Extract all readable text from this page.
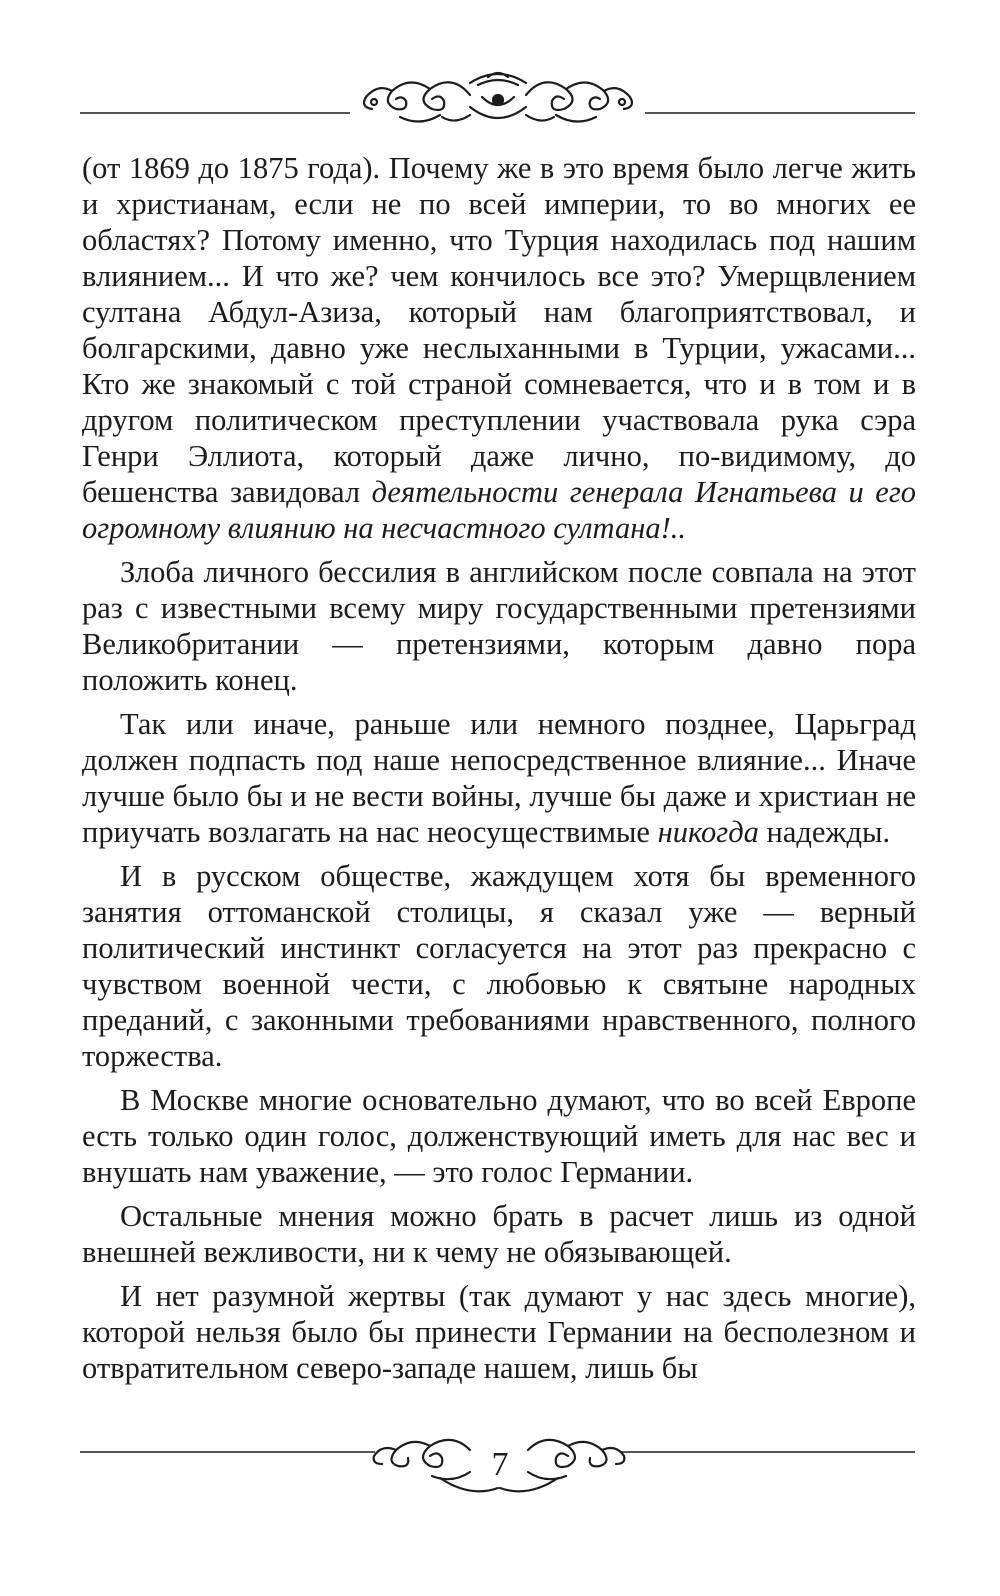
(от 1869 до 1875 года). Почему же в это время было легче жить и христианам, если не по всей империи, то во многих ее областях? Потому именно, что Турция находилась под нашим влиянием... И что же? чем кончилось все это? Умерщвлением султана Абдул-Азиза, который нам благоприятствовал, и болгарскими, давно уже неслыханными в Турции, ужасами... Кто же знакомый с той страной сомневается, что и в том и в другом политическом преступлении участвовала рука сэра Генри Эллиота, который даже лично, по-видимому, до бешенства завидовал деятельности генерала Игнатьева и его огромному влиянию на несчастного султана!..

Злоба личного бессилия в английском после совпала на этот раз с известными всему миру государственными претензиями Великобритании — претензиями, которым давно пора положить конец.

Так или иначе, раньше или немного позднее, Царьград должен подпасть под наше непосредственное влияние... Иначе лучше было бы и не вести войны, лучше бы даже и христиан не приучать возлагать на нас неосуществимые никогда надежды.

И в русском обществе, жаждущем хотя бы временного занятия оттоманской столицы, я сказал уже — верный политический инстинкт согласуется на этот раз прекрасно с чувством военной чести, с любовью к святыне народных преданий, с законными требованиями нравственного, полного торжества.

В Москве многие основательно думают, что во всей Европе есть только один голос, долженствующий иметь для нас вес и внушать нам уважение, — это голос Германии.

Остальные мнения можно брать в расчет лишь из одной внешней вежливости, ни к чему не обязывающей.

И нет разумной жертвы (так думают у нас здесь многие), которой нельзя было бы принести Германии на бесполезном и отвратительном северо-западе нашем, лишь бы

7
